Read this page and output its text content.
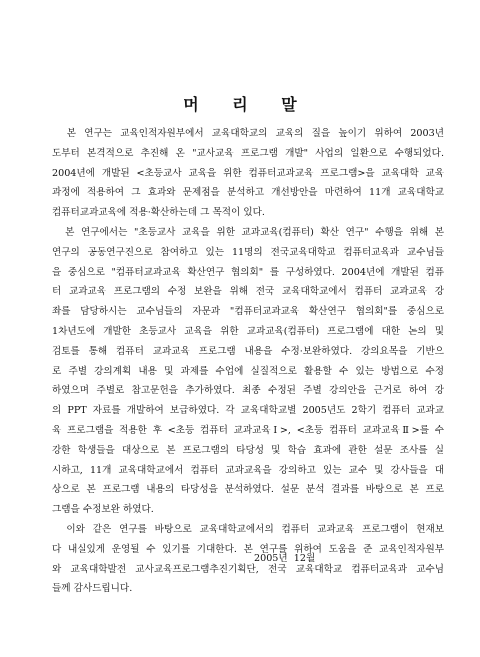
머 리 말
　본 연구는 교육인적자원부에서 교육대학교의 교육의 질을 높이기 위하여 2003년
도부터 본격적으로 추진해 온 "교사교육 프로그램 개발" 사업의 일환으로 수행되었다.
2004년에 개발된 <초등교사 교육을 위한 컴퓨터교과교육 프로그램>을 교육대학 교육
과정에 적용하여 그 효과와 문제점을 분석하고 개선방안을 마련하여 11개 교육대학교
컴퓨터교과교육에 적용·확산하는데 그 목적이 있다.
　본 연구에서는 "초등교사 교육을 위한 교과교육(컴퓨터) 확산 연구" 수행을 위해 본
연구의 공동연구진으로 참여하고 있는 11명의 전국교육대학교 컴퓨터교육과 교수님들
을 중심으로 "컴퓨터교과교육 확산연구 협의회" 를 구성하였다. 2004년에 개발된 컴퓨
터 교과교육 프로그램의 수정 보완을 위해 전국 교육대학교에서 컴퓨터 교과교육 강
좌를 담당하시는 교수님들의 자문과 "컴퓨터교과교육 확산연구 협의회"를 중심으로
1차년도에 개발한 초등교사 교육을 위한 교과교육(컴퓨터) 프로그램에 대한 논의 및
검토를 통해 컴퓨터 교과교육 프로그램 내용을 수정·보완하였다. 강의요목을 기반으
로 주별 강의계획 내용 및 과제를 수업에 실질적으로 활용할 수 있는 방법으로 수정
하였으며 주별로 참고문헌을 추가하였다. 최종 수정된 주별 강의안을 근거로 하여 강
의 PPT 자료를 개발하여 보급하였다. 각 교육대학교별 2005년도 2학기 컴퓨터 교과교
육 프로그램을 적용한 후 <초등 컴퓨터 교과교육Ⅰ>, <초등 컴퓨터 교과교육Ⅱ>를 수
강한 학생들을 대상으로 본 프로그램의 타당성 및 학습 효과에 관한 설문 조사를 실
시하고, 11개 교육대학교에서 컴퓨터 교과교육을 강의하고 있는 교수 및 강사들을 대
상으로 본 프로그램 내용의 타당성을 분석하였다. 설문 분석 결과를 바탕으로 본 프로
그램을 수정보완 하였다.
　이와 같은 연구를 바탕으로 교육대학교에서의 컴퓨터 교과교육 프로그램이 현재보
다 내실있게 운영될 수 있기를 기대한다. 본 연구를 위하여 도움을 준 교육인적자원부
와 교육대학발전 교사교육프로그램추진기획단, 전국 교육대학교 컴퓨터교육과 교수님
들께 감사드립니다.
2005년  12월
